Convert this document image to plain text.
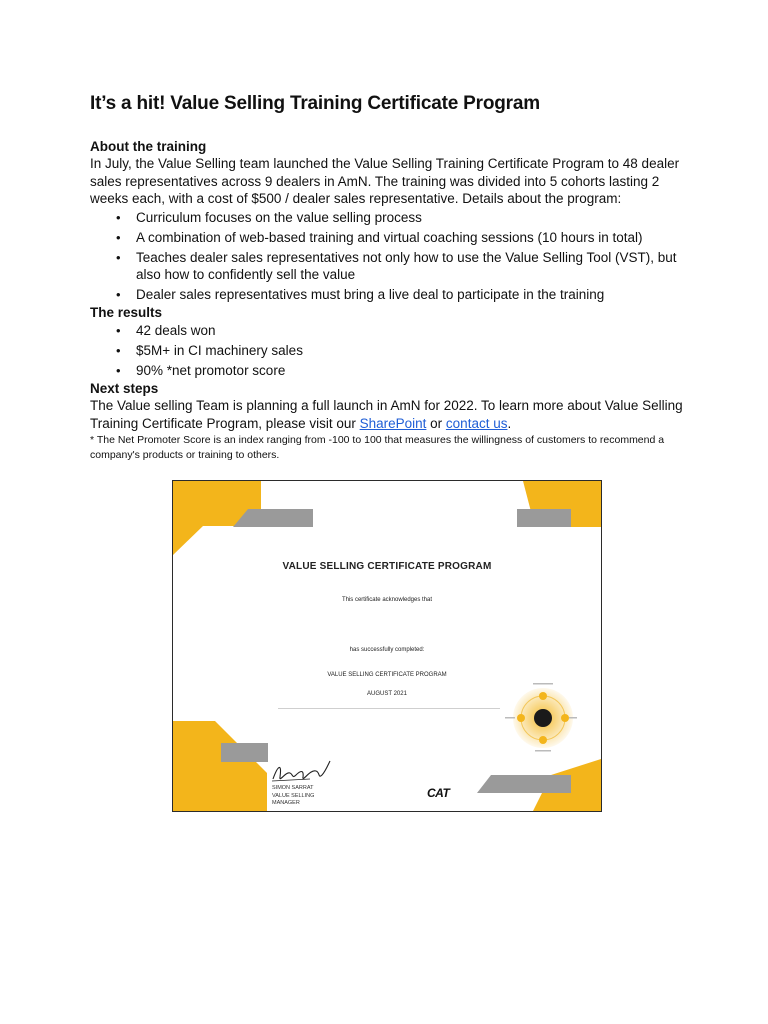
It’s a hit! Value Selling Training Certificate Program
About the training

In July, the Value Selling team launched the Value Selling Training Certificate Program to 48 dealer sales representatives across 9 dealers in AmN. The training was divided into 5 cohorts lasting 2 weeks each, with a cost of $500 / dealer sales representative. Details about the program:

• Curriculum focuses on the value selling process
• A combination of web-based training and virtual coaching sessions (10 hours in total)
• Teaches dealer sales representatives not only how to use the Value Selling Tool (VST), but also how to confidently sell the value
• Dealer sales representatives must bring a live deal to participate in the training
The results
• 42 deals won
• $5M+ in CI machinery sales
• 90% *net promotor score
Next steps

The Value selling Team is planning a full launch in AmN for 2022. To learn more about Value Selling Training Certificate Program, please visit our SharePoint or contact us.

* The Net Promoter Score is an index ranging from -100 to 100 that measures the willingness of customers to recommend a company's products or training to others.

VALUE SELLING CERTIFICATE PROGRAM
This certificate acknowledges that
has successfully completed:
VALUE SELLING CERTIFICATE PROGRAM
AUGUST 2021
SIMON SARRAT
VALUE SELLING
MANAGER
CAT
